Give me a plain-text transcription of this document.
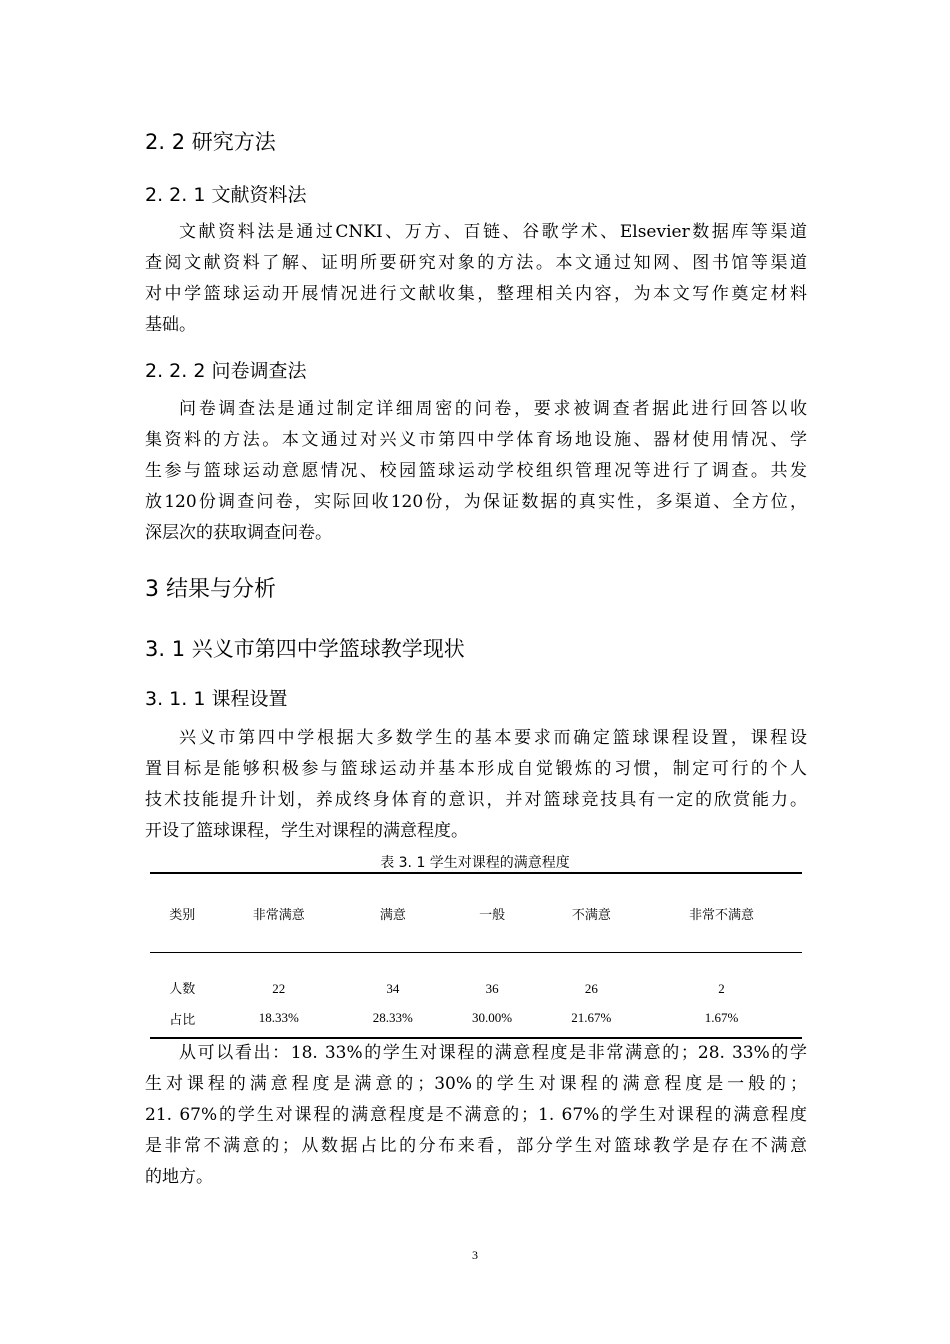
2. 2 研究方法
2. 2. 1 文献资料法
文献资料法是通过CNKI、万方、百链、谷歌学术、Elsevier数据库等渠道
查阅文献资料了解、证明所要研究对象的方法。本文通过知网、图书馆等渠道
对中学篮球运动开展情况进行文献收集，整理相关内容，为本文写作奠定材料
基础。
2. 2. 2 问卷调查法
问卷调查法是通过制定详细周密的问卷，要求被调查者据此进行回答以收
集资料的方法。本文通过对兴义市第四中学体育场地设施、器材使用情况、学
生参与篮球运动意愿情况、校园篮球运动学校组织管理况等进行了调查。共发
放120份调查问卷，实际回收120份，为保证数据的真实性，多渠道、全方位，
深层次的获取调查问卷。
3 结果与分析
3. 1 兴义市第四中学篮球教学现状
3. 1. 1 课程设置
兴义市第四中学根据大多数学生的基本要求而确定篮球课程设置，课程设
置目标是能够积极参与篮球运动并基本形成自觉锻炼的习惯，制定可行的个人
技术技能提升计划，养成终身体育的意识，并对篮球竞技具有一定的欣赏能力。
开设了篮球课程，学生对课程的满意程度。
表 3. 1 学生对课程的满意程度
类别	非常满意	满意	一般	不满意	非常不满意
人数	22	34	36	26	2
占比	18.33%	28.33%	30.00%	21.67%	1.67%
从可以看出：18. 33%的学生对课程的满意程度是非常满意的；28. 33%的学
生对课程的满意程度是满意的；30%的学生对课程的满意程度是一般的；
21. 67%的学生对课程的满意程度是不满意的；1. 67%的学生对课程的满意程度
是非常不满意的；从数据占比的分布来看，部分学生对篮球教学是存在不满意
的地方。
3
